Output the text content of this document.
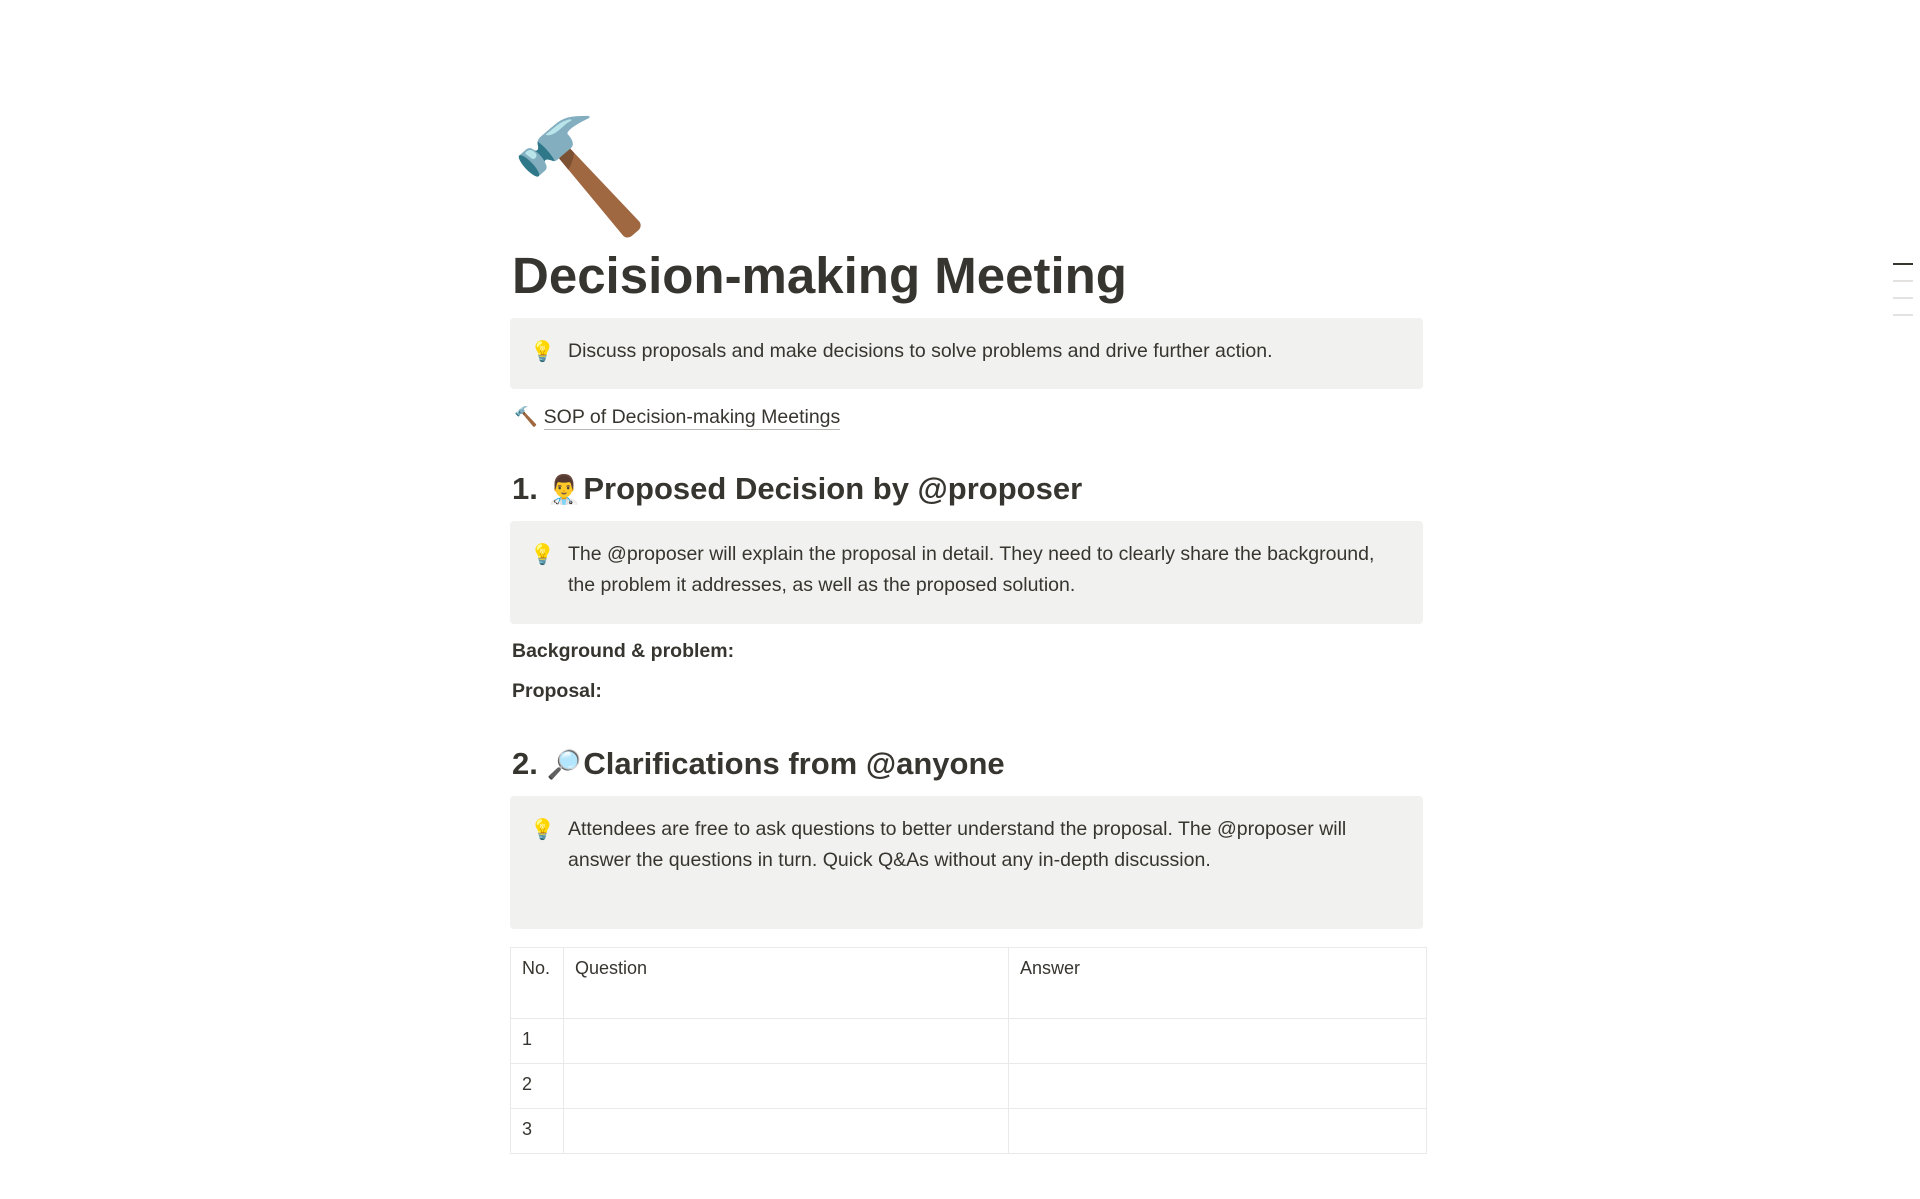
🔨
Decision-making Meeting
💡 Discuss proposals and make decisions to solve problems and drive further action.
🔨 SOP of Decision-making Meetings
1. 👨‍⚕️Proposed Decision by @proposer
💡 The @proposer will explain the proposal in detail. They need to clearly share the background, the problem it addresses, as well as the proposed solution.
Background & problem:
Proposal:
2. 🔎Clarifications from @anyone
💡 Attendees are free to ask questions to better understand the proposal. The @proposer will answer the questions in turn. Quick Q&As without any in-depth discussion.
No.	Question	Answer
1		
2		
3		
